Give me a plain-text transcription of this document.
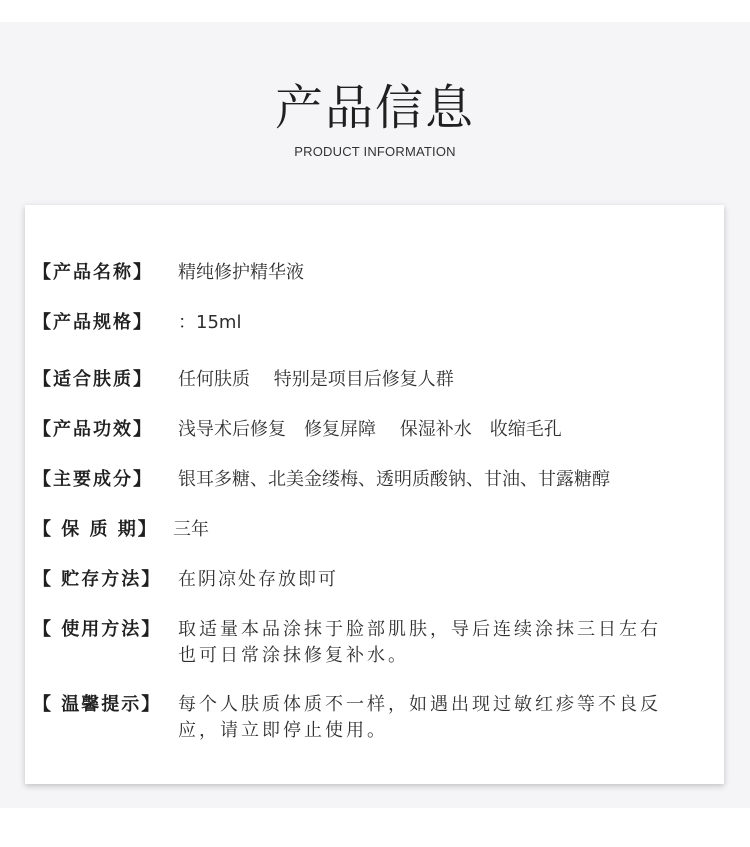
产品信息
PRODUCT INFORMATION
【产品名称】	精纯修护精华液
【产品规格】	：15ml
【适合肤质】	任何肤质　 特别是项目后修复人群
【产品功效】	浅导术后修复　修复屏障　 保湿补水　收缩毛孔
【主要成分】	银耳多糖、北美金缕梅、透明质酸钠、甘油、甘露糖醇
【 保 质 期】 三年
【 贮存方法】 在阴凉处存放即可
【 使用方法】 取适量本品涂抹于脸部肌肤，导后连续涂抹三日左右
也可日常涂抹修复补水。
【 温馨提示】 每个人肤质体质不一样，如遇出现过敏红疹等不良反
应，请立即停止使用。
